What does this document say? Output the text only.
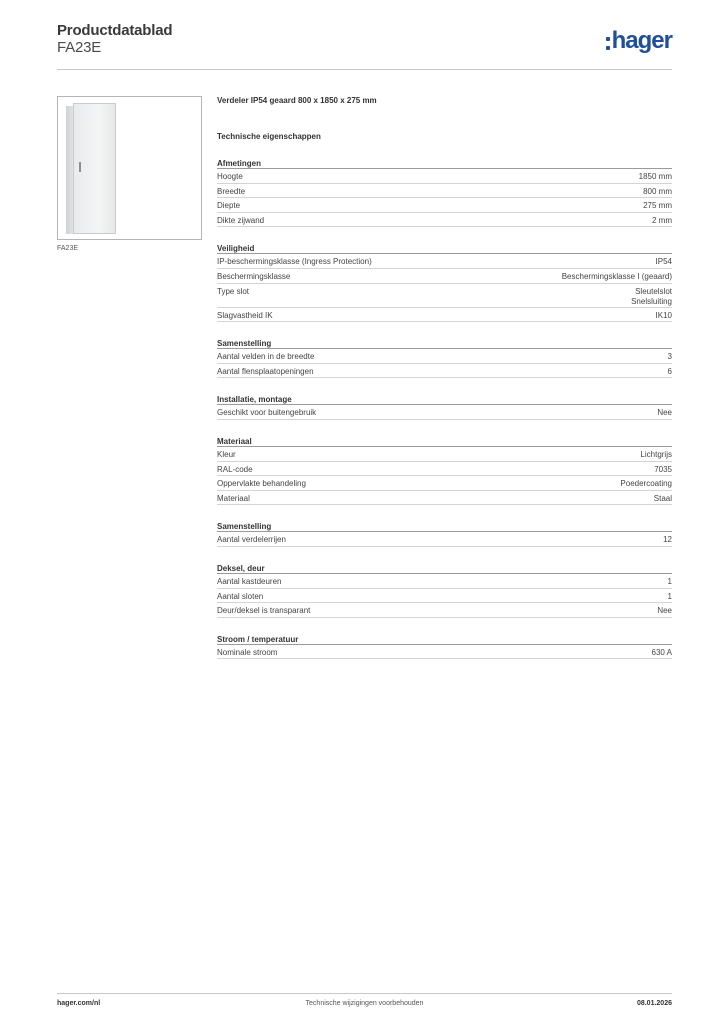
Productdatablad
FA23E	hager
FA23E
Verdeler IP54 geaard 800 x 1850 x 275 mm
Technische eigenschappen
Afmetingen
Hoogte	1850 mm
Breedte	800 mm
Diepte	275 mm
Dikte zijwand	2 mm
Veiligheid
IP-beschermingsklasse (Ingress Protection)	IP54
Beschermingsklasse	Beschermingsklasse I (geaard)
Type slot	Sleutelslot
Snelsluiting
Slagvastheid IK	IK10
Samenstelling
Aantal velden in de breedte	3
Aantal flensplaatopeningen	6
Installatie, montage
Geschikt voor buitengebruik	Nee
Materiaal
Kleur	Lichtgrijs
RAL-code	7035
Oppervlakte behandeling	Poedercoating
Materiaal	Staal
Samenstelling
Aantal verdelerrijen	12
Deksel, deur
Aantal kastdeuren	1
Aantal sloten	1
Deur/deksel is transparant	Nee
Stroom / temperatuur
Nominale stroom	630 A
hager.com/nl	Technische wijzigingen voorbehouden	08.01.2026
